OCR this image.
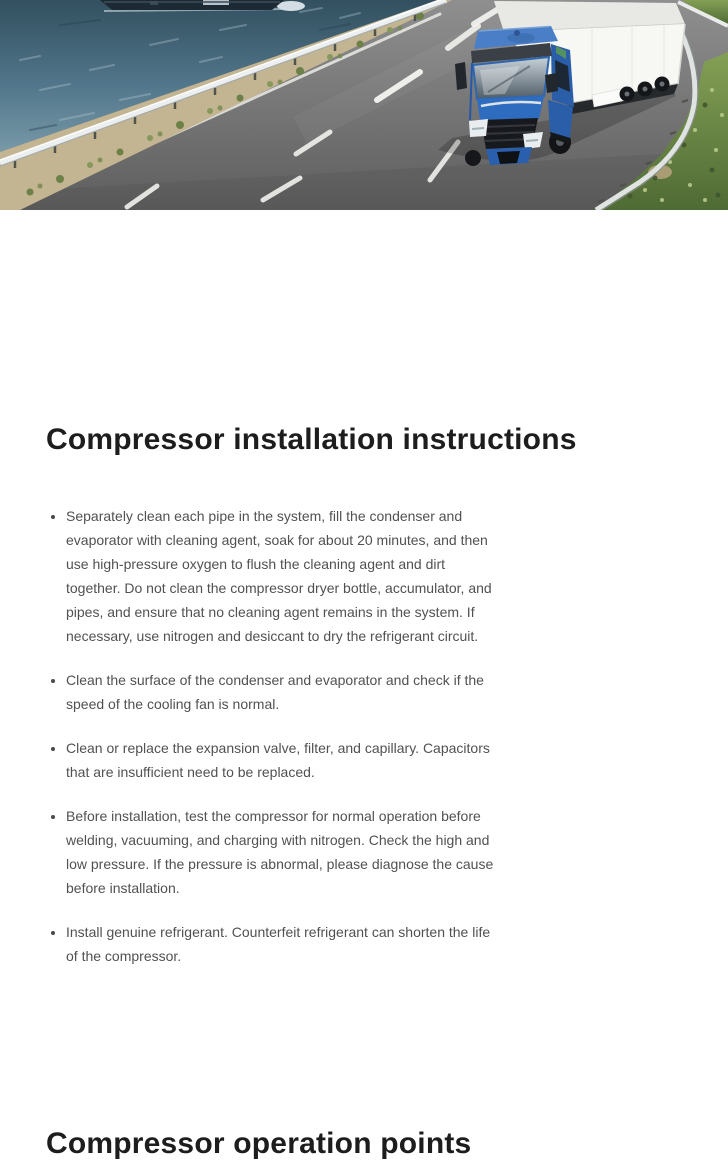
Compressor installation instructions
• Separately clean each pipe in the system, fill the condenser and evaporator with cleaning agent, soak for about 20 minutes, and then use high-pressure oxygen to flush the cleaning agent and dirt together. Do not clean the compressor dryer bottle, accumulator, and pipes, and ensure that no cleaning agent remains in the system. If necessary, use nitrogen and desiccant to dry the refrigerant circuit.
• Clean the surface of the condenser and evaporator and check if the speed of the cooling fan is normal.
• Clean or replace the expansion valve, filter, and capillary. Capacitors that are insufficient need to be replaced.
• Before installation, test the compressor for normal operation before welding, vacuuming, and charging with nitrogen. Check the high and low pressure. If the pressure is abnormal, please diagnose the cause before installation.
• Install genuine refrigerant. Counterfeit refrigerant can shorten the life of the compressor.
Compressor operation points
